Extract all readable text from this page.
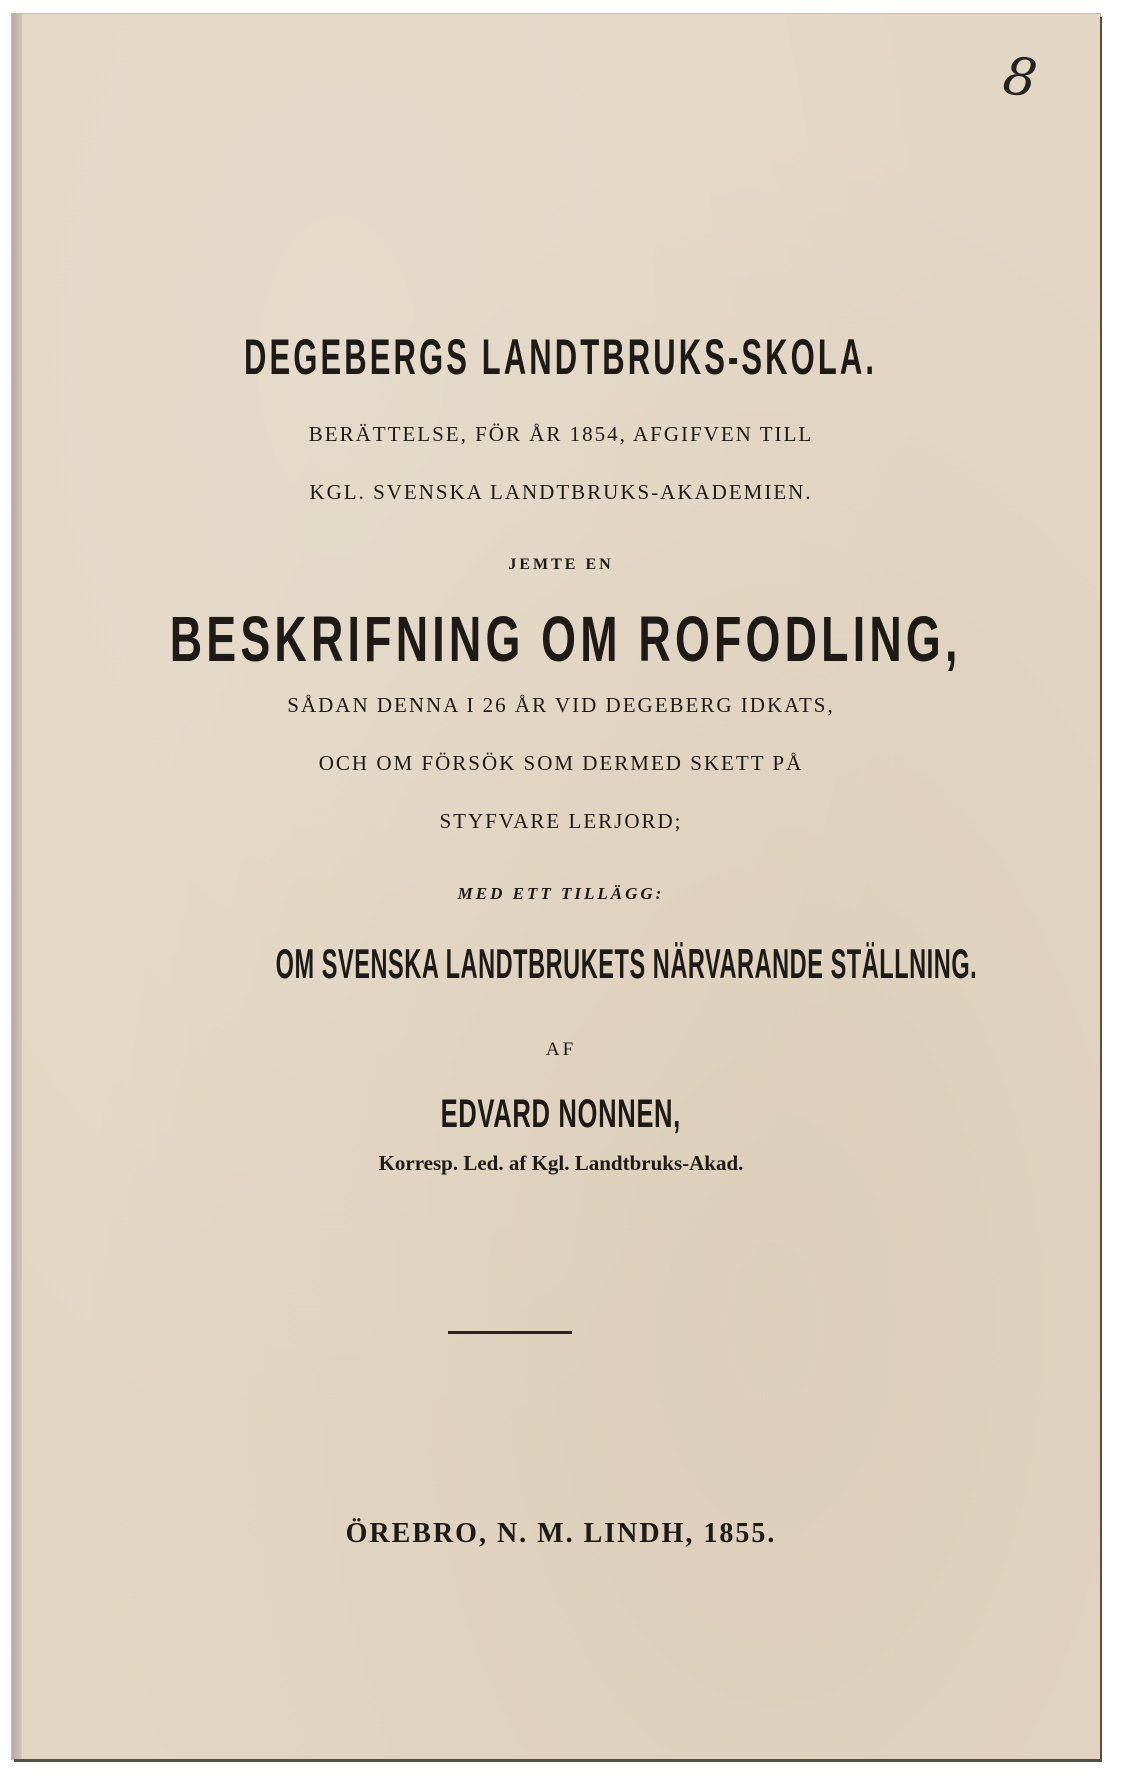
8

DEGEBERGS LANDTBRUKS-SKOLA.

BERÄTTELSE, FÖR ÅR 1854, AFGIFVEN TILL

KGL. SVENSKA LANDTBRUKS-AKADEMIEN.

JEMTE EN

BESKRIFNING OM ROFODLING,

SÅDAN DENNA I 26 ÅR VID DEGEBERG IDKATS,

OCH OM FÖRSÖK SOM DERMED SKETT PÅ

STYFVARE LERJORD;

MED ETT TILLÄGG:

OM SVENSKA LANDTBRUKETS NÄRVARANDE STÄLLNING.

AF

EDVARD NONNEN,

Korresp. Led. af Kgl. Landtbruks-Akad.

ÖREBRO, N. M. LINDH, 1855.
